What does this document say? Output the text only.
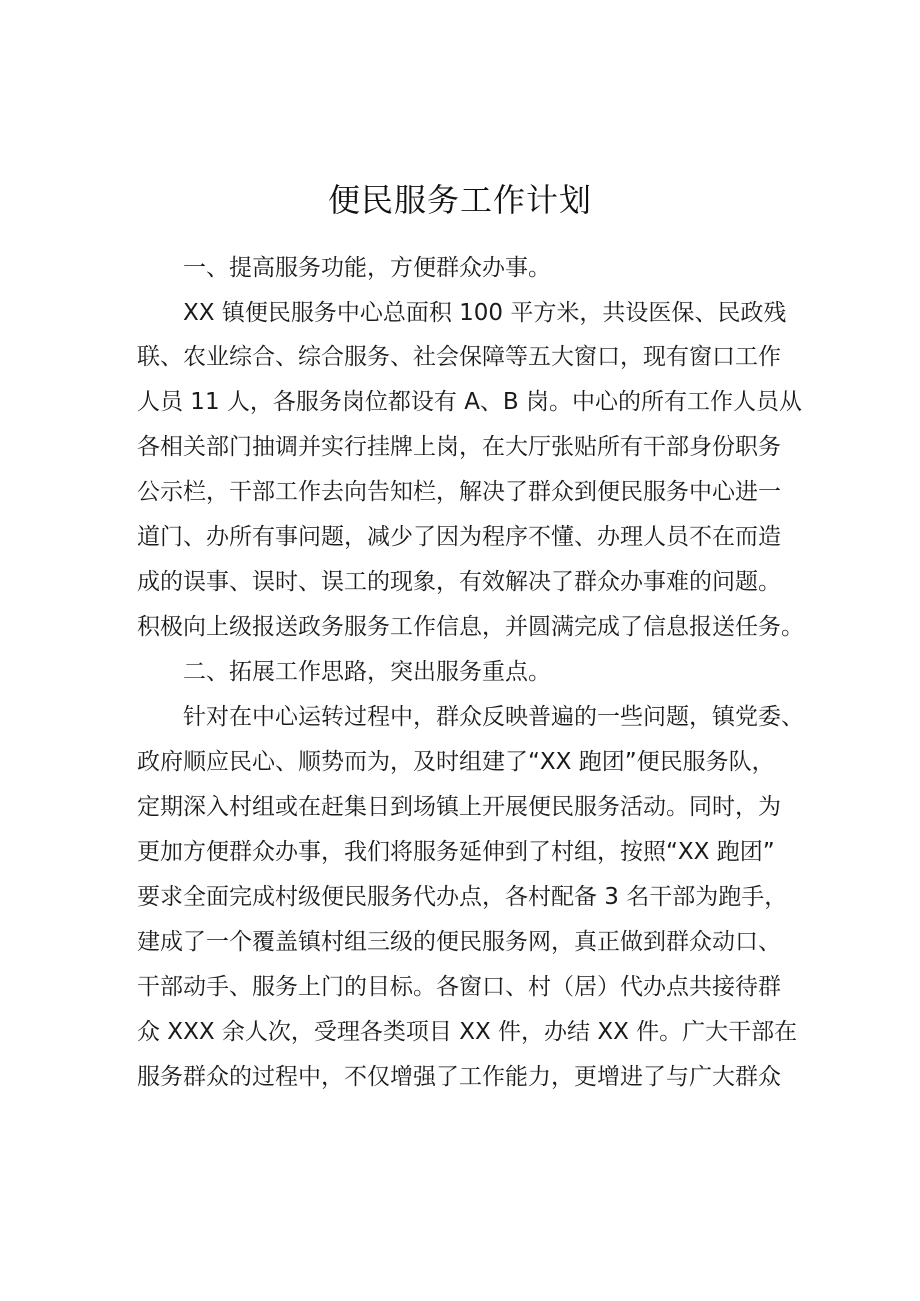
便民服务工作计划
一、提高服务功能，方便群众办事。
XX 镇便民服务中心总面积 100 平方米，共设医保、民政残
联、农业综合、综合服务、社会保障等五大窗口，现有窗口工作
人员 11 人，各服务岗位都设有 A、B 岗。中心的所有工作人员从
各相关部门抽调并实行挂牌上岗，在大厅张贴所有干部身份职务
公示栏，干部工作去向告知栏，解决了群众到便民服务中心进一
道门、办所有事问题，减少了因为程序不懂、办理人员不在而造
成的误事、误时、误工的现象，有效解决了群众办事难的问题。
积极向上级报送政务服务工作信息，并圆满完成了信息报送任务。
二、拓展工作思路，突出服务重点。
针对在中心运转过程中，群众反映普遍的一些问题，镇党委、
政府顺应民心、顺势而为，及时组建了“XX 跑团”便民服务队，
定期深入村组或在赶集日到场镇上开展便民服务活动。同时，为
更加方便群众办事，我们将服务延伸到了村组，按照“XX 跑团”
要求全面完成村级便民服务代办点，各村配备 3 名干部为跑手，
建成了一个覆盖镇村组三级的便民服务网，真正做到群众动口、
干部动手、服务上门的目标。各窗口、村（居）代办点共接待群
众 XXX 余人次，受理各类项目 XX 件，办结 XX 件。广大干部在
服务群众的过程中，不仅增强了工作能力，更增进了与广大群众
